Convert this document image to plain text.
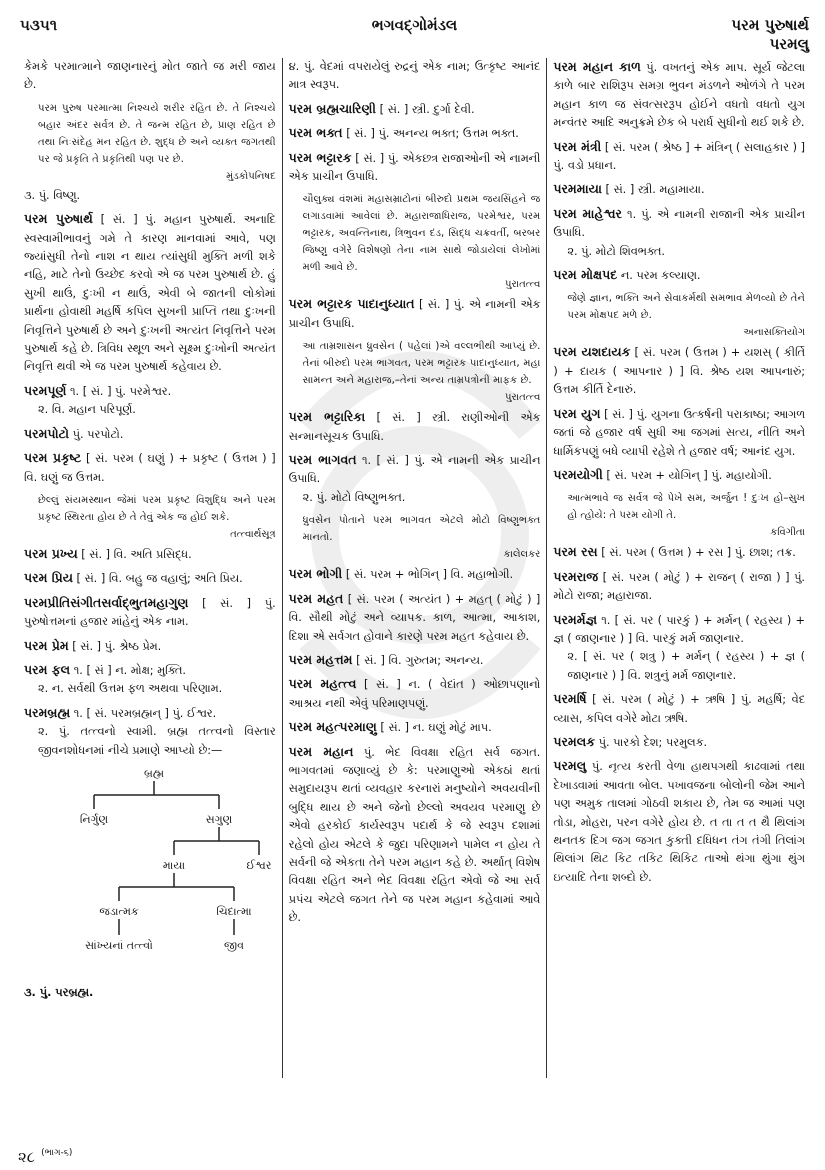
૫૩૫૧	ભગવદ્ગોમંડલ	પરમ પુરુષાર્થ
પરમલુ
કેમકે પરમાત્માને જાણનારનું મોત જાતે જ મરી જાય છે.
પરમ પુરુષ પરમાત્મા નિશ્ચયે શરીર રહિત છે. તે નિશ્ચયે બહાર અંદર સર્વત્ર છે. તે જન્મ રહિત છે, પ્રાણ રહિત છે તથા નિઃસંદેહ મન રહિત છે. શુદ્ધ છે અને વ્યક્ત જગતથી પર જે પ્રકૃતિ તે પ્રકૃતિથી પણ પર છે.
મુંડકોપનિષદ
૩. પું. વિષ્ણુ.
પરમ પુરુષાર્થ [ સં. ] પું. મહાન પુરુષાર્થ. અનાદિ સ્વસ્વામીભાવનું ગમે તે કારણ માનવામાં આવે, પણ જ્યાંસુધી તેનો નાશ ન થાય ત્યાંસુધી મુક્તિ મળી શકે નહિ, માટે તેનો ઉચ્છેદ કરવો એ જ પરમ પુરુષાર્થ છે. હું સુખી થાઉં, દુઃખી ન થાઉં, એવી બે જાતની લોકોમાં પ્રાર્થના હોવાથી મહર્ષિ કપિલ સુખની પ્રાપ્તિ તથા દુઃખની નિવૃત્તિને પુરુષાર્થ છે અને દુઃખની અત્યંત નિવૃત્તિને પરમ પુરુષાર્થ કહે છે. ત્રિવિધ સ્થૂળ અને સૂક્ષ્મ દુઃખોની અત્યંત નિવૃત્તિ થવી એ જ પરમ પુરુષાર્થ કહેવાય છે.
પરમપૂર્ણ ૧. [ સં. ] પું. પરમેશ્વર.
૨. વિ. મહાન પરિપૂર્ણ.
પરમપોટો પું. પરપોટો.
પરમ પ્રકૃષ્ટ [ સં. પરમ ( ઘણું ) + પ્રકૃષ્ટ ( ઉત્તમ ) ] વિ. ઘણું જ ઉત્તમ.
છેલ્લું સંયમસ્થાન જેમાં પરમ પ્રકૃષ્ટ વિશુદ્ધિ અને પરમ પ્રકૃષ્ટ સ્થિરતા હોય છે તે તેવું એક જ હોઈ શકે.
તત્ત્વાર્થસૂત્ર
પરમ પ્રખ્ય [ સં. ] વિ. અતિ પ્રસિદ્ધ.
પરમ પ્રિય [ સં. ] વિ. બહુ જ વહાલું; અતિ પ્રિય.
પરમપ્રીતિસંગીતસર્વાદ્ભુતમહાગુણ [ સં. ] પું. પુરુષોત્તમનાં હજાર માંહેનું એક નામ.
પરમ પ્રેમ [ સં. ] પું. શ્રેષ્ઠ પ્રેમ.
પરમ ફલ ૧. [ સં ] ન. મોક્ષ; મુક્તિ.
૨. ન. સર્વથી ઉત્તમ ફળ અથવા પરિણામ.
પરમબ્રહ્મ ૧. [ સં. પરમબ્રહ્મન્ ] પું. ઈશ્વર.
૨. પું. તત્ત્વનો સ્વામી. બ્રહ્મ તત્ત્વનો વિસ્તાર જીવનશોધનમાં નીચે પ્રમાણે આપ્યો છે:—
બ્રહ્મ
નિર્ગુણ	સગુણ
માયા	ઈશ્વર
જડાત્મક	ચિદાત્મા
સાંખ્યનાં તત્ત્વો	જીવ
૩. પું. પરબ્રહ્મ.
૪. પું. વેદમાં વપરાયેલું રુદ્રનું એક નામ; ઉત્કૃષ્ટ આનંદ માત્ર સ્વરૂપ.
પરમ બ્રહ્મચારિણી [ સં. ] સ્ત્રી. દુર્ગા દેવી.
પરમ ભક્ત [ સં. ] પું. અનન્ય ભક્ત; ઉત્તમ ભક્ત.
પરમ ભટ્ટારક [ સં. ] પું. એકછત્ર રાજાઓની એ નામની એક પ્રાચીન ઉપાધિ.
ચૌલુક્ય વંશમાં મહાસમ્રાટોનાં બીરુદો પ્રથમ જયસિંહને જ લગાડવામાં આવેલાં છે. મહારાજાધિરાજ, પરમેશ્વર, પરમ ભટ્ટારક, અવન્તિનાથ, ત્રિભુવન દંડ, સિદ્ધ ચક્રવર્તી, બરબર જિષ્ણુ વગેરે વિશેષણો તેના નામ સાથે જોડાયેલાં લેખોમાં મળી આવે છે.
પુરાતત્ત્વ
પરમ ભટ્ટારક પાદાનુધ્યાત [ સં. ] પું. એ નામની એક પ્રાચીન ઉપાધિ.
આ તામ્રશાસન ધ્રુવસેન ( પહેલાં )એ વલ્લભીથી આપ્યું છે. તેનાં બીરુદો પરમ ભાગવત, પરમ ભટ્ટારક પાદાનુધ્યાત, મહા સામન્ત અને મહારાજ,–તેનાં અન્ય તામ્રપત્રોની માફક છે.
પુરાતત્ત્વ
પરમ ભટ્ટારિકા [ સં. ] સ્ત્રી. રાણીઓની એક સન્માનસૂચક ઉપાધિ.
પરમ ભાગવત ૧. [ સં. ] પું. એ નામની એક પ્રાચીન ઉપાધિ.
૨. પું. મોટો વિષ્ણુભક્ત.
ધ્રુવસેન પોતાને પરમ ભાગવત એટલે મોટો વિષ્ણુભક્ત માનતો.
કાલેલકર
પરમ ભોગી [ સં. પરમ + ભોગિન્ ] વિ. મહાભોગી.
પરમ મહત [ સં. પરમ ( અત્યંત ) + મહત્ ( મોટું ) ] વિ. સૌથી મોટું અને વ્યાપક. કાળ, આત્મા, આકાશ, દિશા એ સર્વગત હોવાને કારણે પરમ મહત કહેવાય છે.
પરમ મહત્તમ [ સં. ] વિ. ગુરુતમ; અનન્ય.
પરમ મહત્ત્વ [ સં. ] ન. ( વેદાંત ) ઓછાપણાનો આશ્રય નથી એવું પરિમાણપણું.
પરમ મહત્પરમાણુ [ સં. ] ન. ઘણું મોટું માપ.
પરમ મહાન પું. ભેદ વિવક્ષા રહિત સર્વ જગત. ભાગવતમાં જણાવ્યું છે કે: પરમાણુઓ એકઠાં થતાં સમુદાયરૂપ થતાં વ્યવહાર કરનારાં મનુષ્યોને અવયવીની બુદ્ધિ થાય છે અને જેનો છેલ્લો અવયવ પરમાણુ છે એવો હરકોઈ કાર્યસ્વરૂપ પદાર્થ કે જે સ્વરૂપ દશામાં રહેલો હોય એટલે કે જુદા પરિણામને પામેલ ન હોય તે સર્વની જે એકતા તેને પરમ મહાન કહે છે. અર્થાત્ વિશેષ વિવક્ષા રહિત અને ભેદ વિવક્ષા રહિત એવો જે આ સર્વ પ્રપંચ એટલે જગત તેને જ પરમ મહાન કહેવામાં આવે છે.
પરમ મહાન કાળ પું. વખતનું એક માપ. સૂર્ય જેટલા કાળે બાર રાશિરૂપ સમગ્ર ભુવન મંડળને ઓળંગે તે પરમ મહાન કાળ જ સંવત્સરરૂપ હોઈને વધતો વધતો યુગ મન્વંતર આદિ અનુક્રમે છેક બે પરાર્ધ સુધીનો થઈ શકે છે.
પરમ મંત્રી [ સં. પરમ ( શ્રેષ્ઠ ] + મંત્રિન્ ( સલાહકાર ) ] પું. વડો પ્રધાન.
પરમમાયા [ સં. ] સ્ત્રી. મહામાયા.
પરમ માહેશ્વર ૧. પું. એ નામની રાજાની એક પ્રાચીન ઉપાધિ.
૨. પું. મોટો શિવભક્ત.
પરમ મોક્ષપદ ન. પરમ કલ્યાણ.
જેણે જ્ઞાન, ભક્તિ અને સેવાકર્મથી સમભાવ મેળવ્યો છે તેને પરમ મોક્ષપદ મળે છે.
અનાસક્તિયોગ
પરમ યશદાયક [ સં. પરમ ( ઉત્તમ ) + યશસ્ ( કીર્તિ ) + દાયક ( આપનાર ) ] વિ. શ્રેષ્ઠ યશ આપનારું; ઉત્તમ કીર્તિ દેનારું.
પરમ યુગ [ સં. ] પું. યુગના ઉત્કર્ષની પરાકાષ્ઠા; આગળ જતાં જે હજાર વર્ષ સુધી આ જગમાં સત્ય, નીતિ અને ધાર્મિકપણું બધે વ્યાપી રહેશે તે હજાર વર્ષ; આનંદ યુગ.
પરમયોગી [ સં. પરમ + યોગિન્ ] પું. મહાયોગી.
આત્મભાવે જ સર્વત્ર જે પેખે સમ, અર્જુન ! દુઃખ હો–સુખ હો ત્હોયે: તે પરમ યોગી તે.
કવિગીતા
પરમ રસ [ સં. પરમ ( ઉત્તમ ) + રસ ] પું. છાશ; તક્ર.
પરમરાજ [ સં. પરમ ( મોટું ) + રાજન્ ( રાજા ) ] પું. મોટો રાજા; મહારાજા.
પરમર્મજ્ઞ ૧. [ સં. પર ( પારકું ) + મર્મન્ ( રહસ્ય ) + જ્ઞ ( જાણનાર ) ] વિ. પારકું મર્મ જાણનાર.
૨. [ સં. પર ( શત્રુ ) + મર્મન્ ( રહસ્ય ) + જ્ઞ ( જાણનાર ) ] વિ. શત્રુનું મર્મ જાણનાર.
પરમર્ષિ [ સં. પરમ ( મોટું ) + ઋષિ ] પું. મહર્ષિ; વેદ વ્યાસ, કપિલ વગેરે મોટા ઋષિ.
પરમલક પું. પારકો દેશ; પરમુલક.
પરમલુ પું. નૃત્ય કરતી વેળા હાથપગથી કાઢવામાં તથા દેખાડવામાં આવતા બોલ. પખાવજના બોલોની જેમ આને પણ અમુક તાલમાં ગોઠવી શકાય છે, તેમ જ આમાં પણ તોડા, મોહરા, પરન વગેરે હોય છે. ત તા ત ત થૈ થિલાંગ થનતક દિગ જગ જગત કુક્તી દધિધન તંગ તંગી તિલાંગ થિલાંગ થિટ કિટ તકિટ થિકિટ તાઓ થંગા થુંગા થુંગ ઇત્યાદિ તેના શબ્દો છે.
૨૮ $^{(ભાગ-૬)}$
